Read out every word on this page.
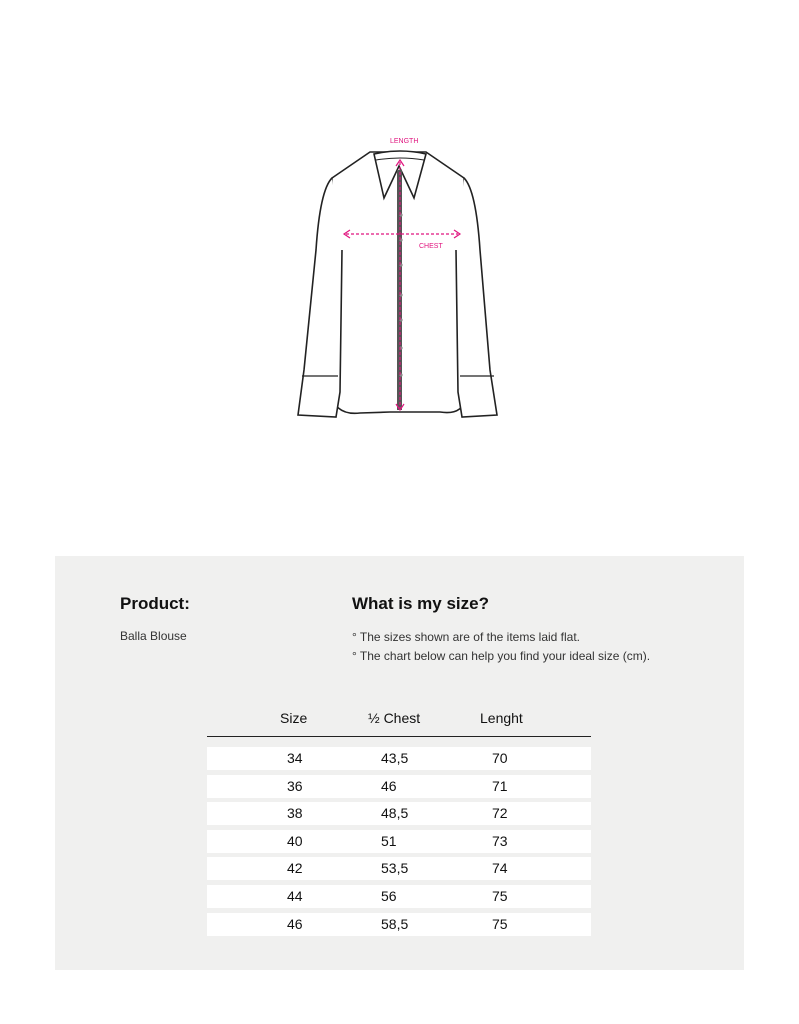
LENGTH
CHEST
Product:
Balla Blouse
What is my size?
° The sizes shown are of the items laid flat.
° The chart below can help you find your ideal size (cm).
Size	½ Chest	Lenght
34	43,5	70
36	46	71
38	48,5	72
40	51	73
42	53,5	74
44	56	75
46	58,5	75
